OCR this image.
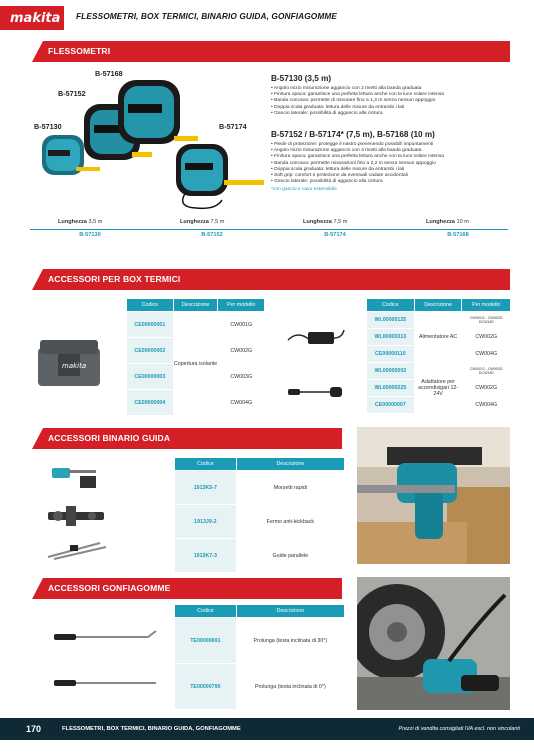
makita FLESSOMETRI, BOX TERMICI, BINARIO GUIDA, GONFIAGOMME
FLESSOMETRI
B-57168
B-57152
B-57130	B-57174
B-57130 (3,5 m)
• Angolo inizio misurazione aggancio con 2 rivetti alla banda graduata
• Finitura opaca: garantisce una perfetta lettura anche con la luce solare intensa
• Banda concava: permette di misurare fino a 1,3 m senza nessun appoggio
• Doppia scala graduata: lettura delle misure da entrambi i lati
• Gancio laterale: possibilità di aggancio alla cintura
B-57152 / B-57174* (7,5 m), B-57168 (10 m)
• Piede di protezione: protegge il nastro prevenendo possibili impuntamenti
• Angolo inizio misurazione aggancio con 4 rivetti alla banda graduata
• Finitura opaca: garantisce una perfetta lettura anche con la luce solare intensa
• Banda concava: permette misurazioni fino a 2,2 m senza nessun appoggio
• Doppia scala graduata: lettura delle misure da entrambi i lati
• Soft grip: comfort e protezione da eventuali cadute accidentali
• Gancio laterale: possibilità di aggancio alla cintura
*con gancio e cavo estensibile
Lunghezza 3,5 m	Lunghezza 7,5 m	Lunghezza 7,5 m	Lunghezza 10 m
B-57130	B-57152	B-57174	B-57168
ACCESSORI PER BOX TERMICI
makita
Codice	Descrizione	Per modello
CE00000001	Copertura isolante	CW001G
CE00000002		CW002G
CE00000003		CW003G
CE00000004		CW004G
Codice	Descrizione	Per modello
WL00000125	Alimentatore AC	CW001G - CW003G DCW180
WL00000313		CW002G
CE00000110		CW004G
WL00000002	Adattatore per accendisigari 12-24V	CW001G - CW003G DCW180
WL00000225		CW002G
CE00000007		CW004G
ACCESSORI BINARIO GUIDA
Codice	Descrizione
1913K5-7	Morsetti rapidi
1913J9-2	Fermo anti-kickback
1913K7-3	Guide parallele
ACCESSORI GONFIAGOMME
Codice	Descrizione
TE00000691	Prolunga (testa inclinata di 30°)
TE00000795	Prolunga (testa inclinata di 0°)
170	FLESSOMETRI, BOX TERMICI, BINARIO GUIDA, GONFIAGOMME	Prezzi di vendita consigliati IVA escl. non vincolanti
